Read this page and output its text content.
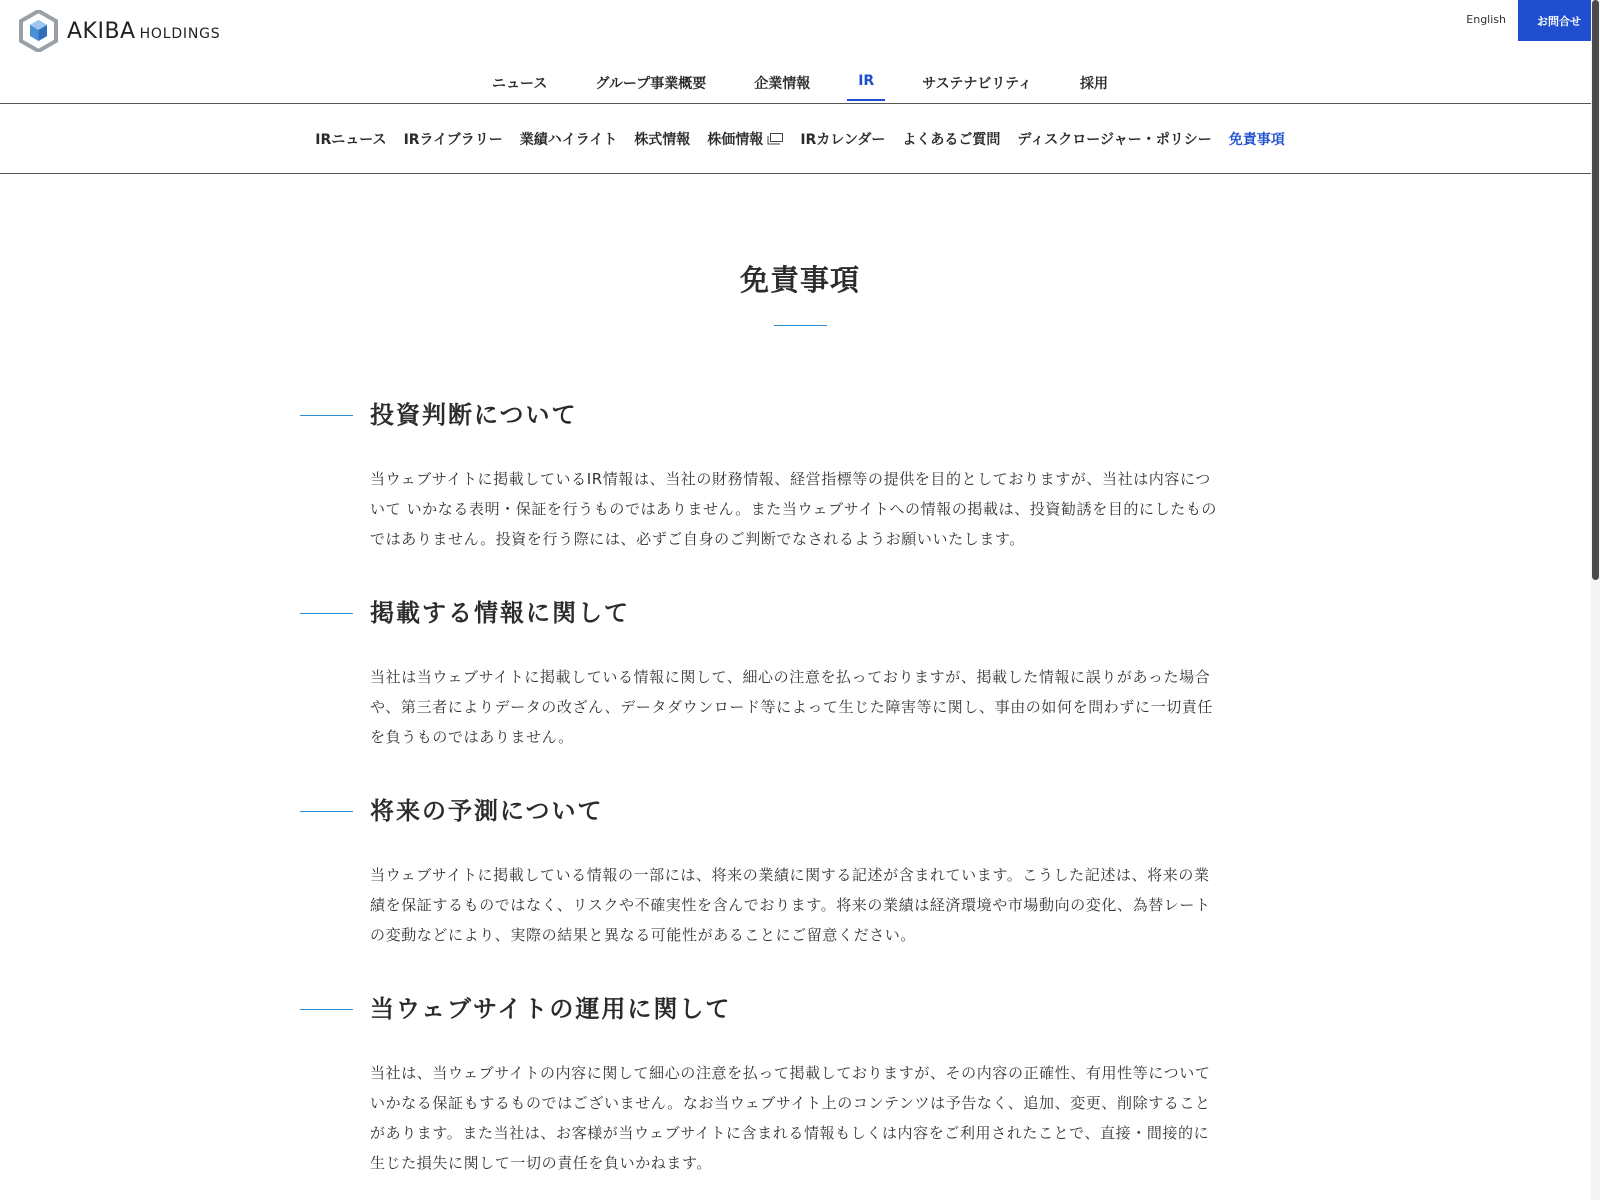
AKIBA HOLDINGS
English	お問合せ
ニュース	グループ事業概要	企業情報	IR	サステナビリティ	採用
IRニュース IRライブラリー 業績ハイライト 株式情報 株価情報	IRカレンダー よくあるご質問 ディスクロージャー・ポリシー 免責事項
免責事項
投資判断について

当ウェブサイトに掲載しているIR情報は、当社の財務情報、経営指標等の提供を目的としておりますが、当社は内容について いかなる表明・保証を行うものではありません。また当ウェブサイトへの情報の掲載は、投資勧誘を目的にしたものではありません。投資を行う際には、必ずご自身のご判断でなされるようお願いいたします。

掲載する情報に関して

当社は当ウェブサイトに掲載している情報に関して、細心の注意を払っておりますが、掲載した情報に誤りがあった場合や、第三者によりデータの改ざん、データダウンロード等によって生じた障害等に関し、事由の如何を問わずに一切責任を負うものではありません。

将来の予測について

当ウェブサイトに掲載している情報の一部には、将来の業績に関する記述が含まれています。こうした記述は、将来の業績を保証するものではなく、リスクや不確実性を含んでおります。将来の業績は経済環境や市場動向の変化、為替レートの変動などにより、実際の結果と異なる可能性があることにご留意ください。

当ウェブサイトの運用に関して

当社は、当ウェブサイトの内容に関して細心の注意を払って掲載しておりますが、その内容の正確性、有用性等についていかなる保証もするものではございません。なお当ウェブサイト上のコンテンツは予告なく、追加、変更、削除することがあります。また当社は、お客様が当ウェブサイトに含まれる情報もしくは内容をご利用されたことで、直接・間接的に生じた損失に関して一切の責任を負いかねます。
